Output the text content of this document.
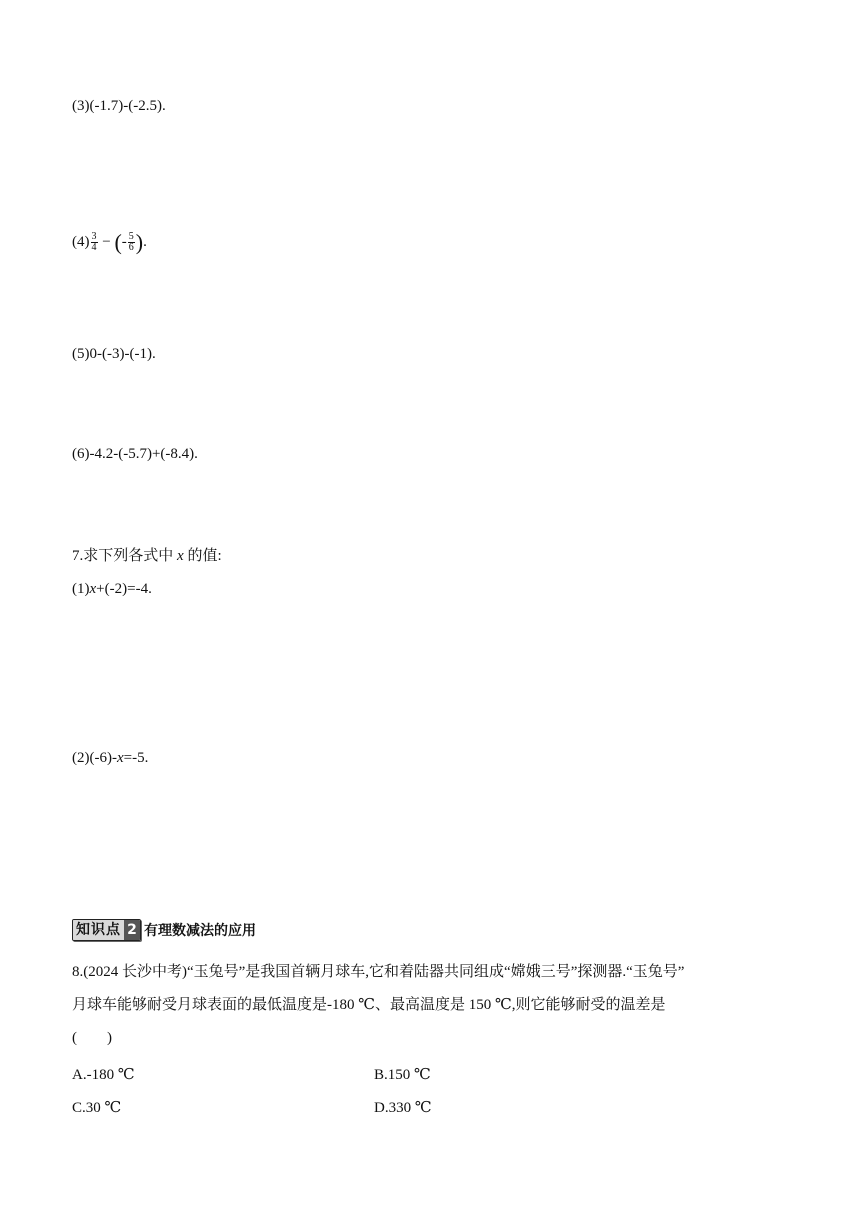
(3)(-1.7)-(-2.5).
$(4) \frac{3}{4}$ − (- $\frac{5}{6}$ ).
(5)0-(-3)-(-1).
(6)-4.2-(-5.7)+(-8.4).
7.求下列各式中 x 的值:
(1)x+(-2)=-4.
(2)(-6)-x=-5.
知识点 2 有理数减法的应用
8.(2024 长沙中考)“玉兔号”是我国首辆月球车,它和着陆器共同组成“嫦娥三号”探测器.“玉兔号”
月球车能够耐受月球表面的最低温度是-180 ℃、最高温度是 150 ℃,则它能够耐受的温差是
(　　)
A.-180 ℃	B.150 ℃
C.30 ℃	D.330 ℃
